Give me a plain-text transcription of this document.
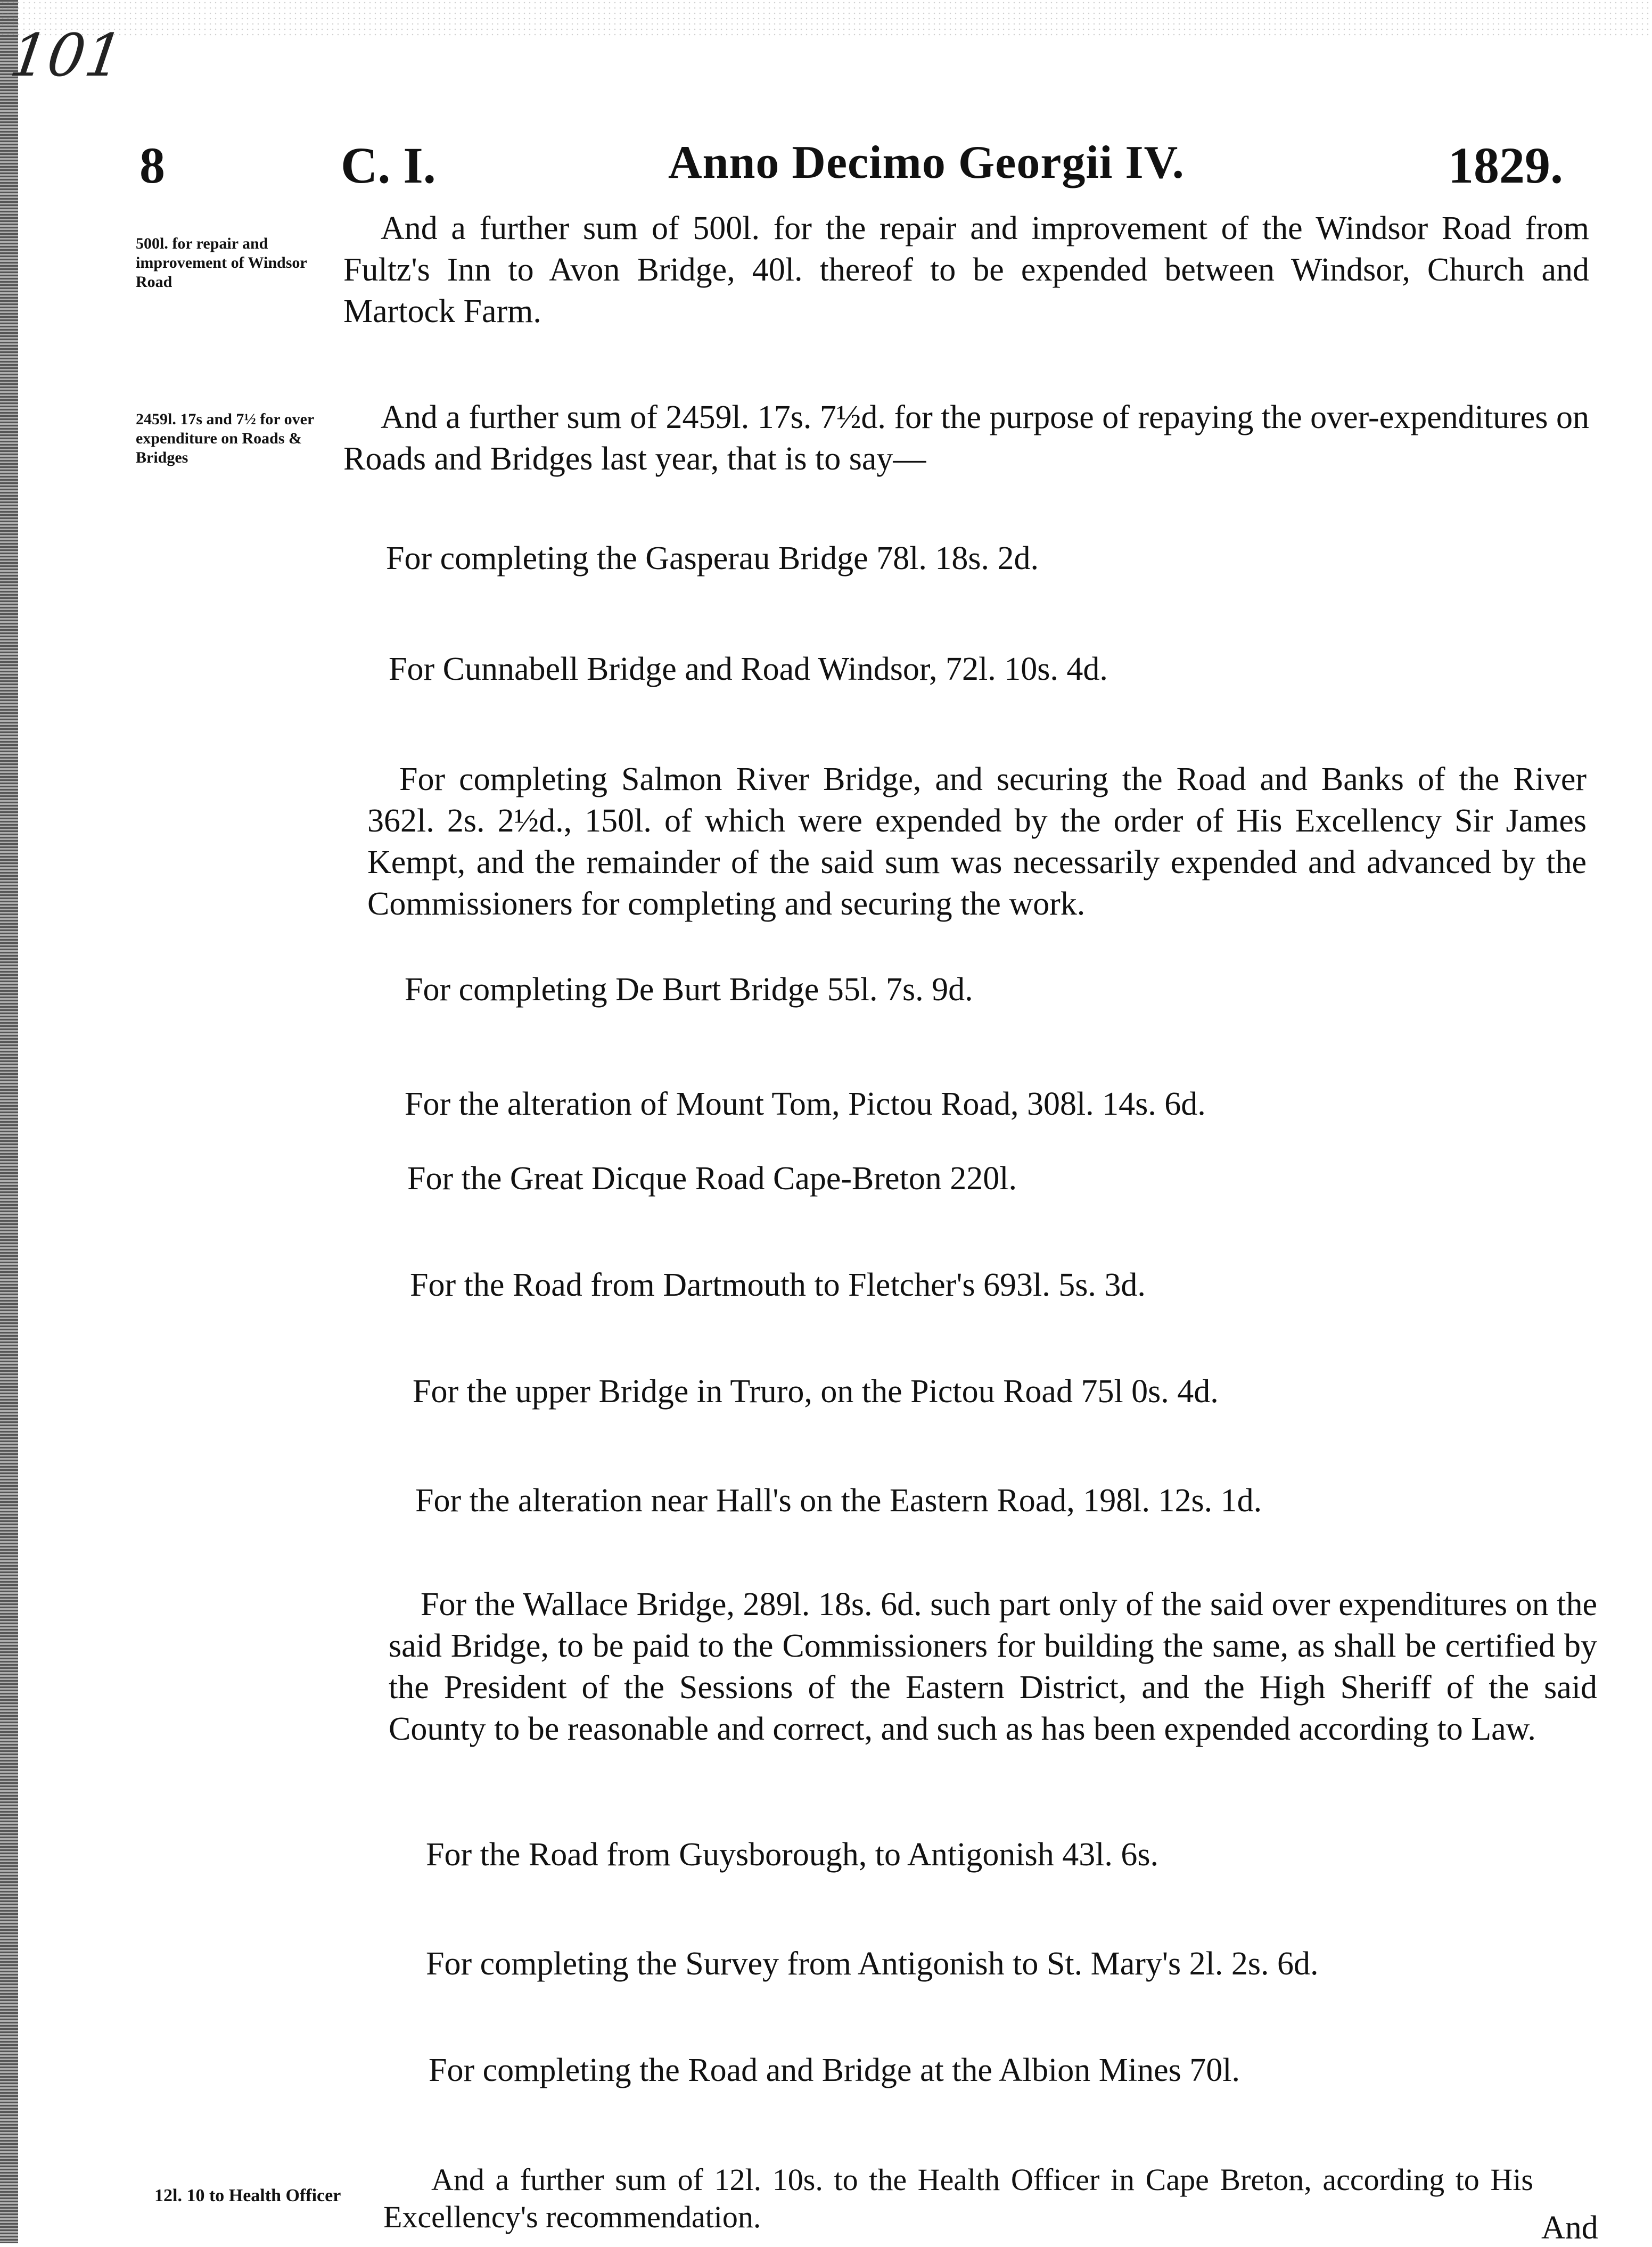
101
8	C. I.	Anno Decimo Georgii IV.	1829.
500l. for repair and improvement of Windsor Road
And a further sum of 500l. for the repair and improvement of the Windsor Road from Fultz's Inn to Avon Bridge, 40l. thereof to be expended between Windsor, Church and Martock Farm.
2459l. 17s and 7½ for over expenditure on Roads & Bridges
And a further sum of 2459l. 17s. 7½d. for the purpose of repaying the over-expenditures on Roads and Bridges last year, that is to say—
For completing the Gasperau Bridge 78l. 18s. 2d.
For Cunnabell Bridge and Road Windsor, 72l. 10s. 4d.
For completing Salmon River Bridge, and securing the Road and Banks of the River 362l. 2s. 2½d., 150l. of which were expended by the order of His Excellency Sir James Kempt, and the remainder of the said sum was necessarily expended and advanced by the Commissioners for completing and securing the work.
For completing De Burt Bridge 55l. 7s. 9d.
For the alteration of Mount Tom, Pictou Road, 308l. 14s. 6d.
For the Great Dicque Road Cape-Breton 220l.
For the Road from Dartmouth to Fletcher's 693l. 5s. 3d.
For the upper Bridge in Truro, on the Pictou Road 75l 0s. 4d.
For the alteration near Hall's on the Eastern Road, 198l. 12s. 1d.
For the Wallace Bridge, 289l. 18s. 6d. such part only of the said over expenditures on the said Bridge, to be paid to the Commissioners for building the same, as shall be certified by the President of the Sessions of the Eastern District, and the High Sheriff of the said County to be reasonable and correct, and such as has been expended according to Law.
For the Road from Guysborough, to Antigonish 43l. 6s.
For completing the Survey from Antigonish to St. Mary's 2l. 2s. 6d.
For completing the Road and Bridge at the Albion Mines 70l.
12l. 10 to Health Officer	And a further sum of 12l. 10s. to the Health Officer in Cape Breton, according to His Excellency's recommendation.	And
